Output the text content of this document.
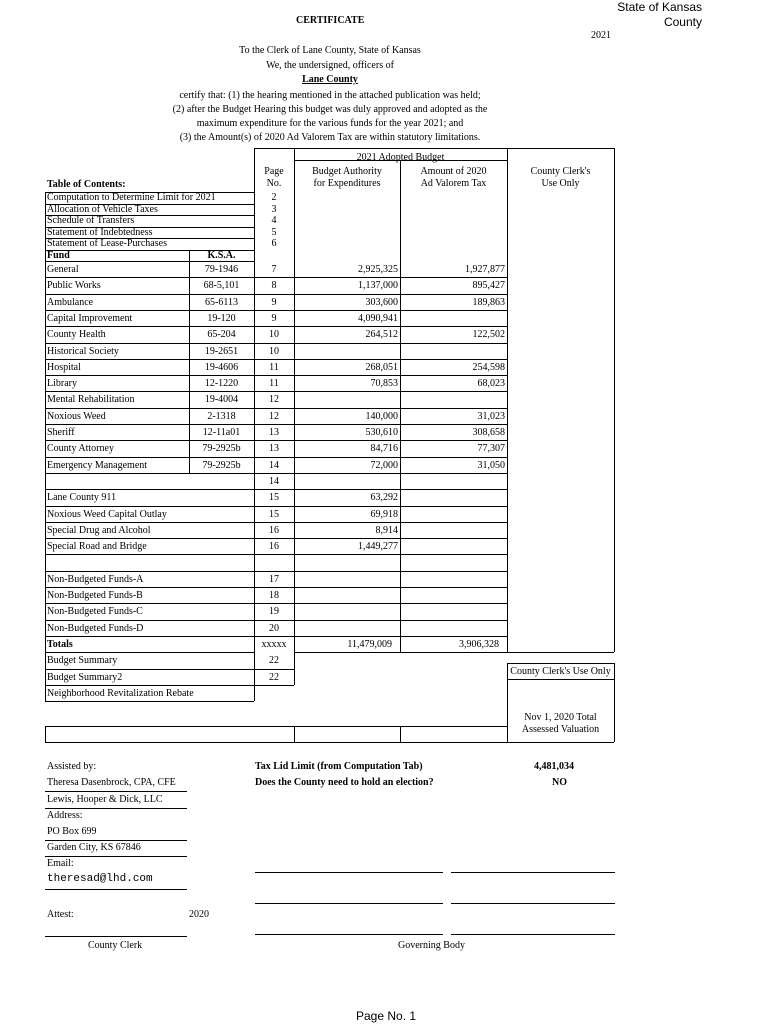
State of Kansas
County
2021
CERTIFICATE
To the Clerk of Lane County, State of Kansas
We, the undersigned, officers of
Lane County
certify that: (1) the hearing mentioned in the attached publication was held;
(2) after the Budget Hearing this budget was duly approved and adopted as the
maximum expenditure for the various funds for the year 2021; and
(3) the Amount(s) of 2020 Ad Valorem Tax are within statutory limitations.
Page
No.
Budget Authority
for Expenditures
2021 Adopted Budget
Amount of 2020
Ad Valorem Tax
County Clerk's
Use Only
Table of Contents:
Computation to Determine Limit for 2021	2
Allocation of Vehicle Taxes	3
Schedule of Transfers	4
Statement of Indebtedness	5
Statement of Lease-Purchases	6
Fund	K.S.A.
General	79-1946	7	2,925,325	1,927,877
Public Works	68-5,101	8	1,137,000	895,427
Ambulance	65-6113	9	303,600	189,863
Capital Improvement	19-120	9	4,090,941
County Health	65-204	10	264,512	122,502
Historical Society	19-2651	10
Hospital	19-4606	11	268,051	254,598
Library	12-1220	11	70,853	68,023
Mental Rehabilitation	19-4004	12
Noxious Weed	2-1318	12	140,000	31,023
Sheriff	12-11a01	13	530,610	308,658
County Attorney	79-2925b	13	84,716	77,307
Emergency Management	79-2925b	14	72,000	31,050
14
Lane County 911	15	63,292
Noxious Weed Capital Outlay	15	69,918
Special Drug and Alcohol	16	8,914
Special Road and Bridge	16	1,449,277
Non-Budgeted Funds-A	17
Non-Budgeted Funds-B	18
Non-Budgeted Funds-C	19
Non-Budgeted Funds-D	20
Totals	xxxxx	11,479,009	3,906,328
Budget Summary	22
Budget Summary2	22
Neighborhood Revitalization Rebate
County Clerk's Use Only
Nov 1, 2020 Total
Assessed Valuation
Assisted by:
Theresa Dasenbrock, CPA, CFE
Lewis, Hooper & Dick, LLC
Address:
PO Box 699
Garden City, KS 67846
Email:
theresad@lhd.com
Tax Lid Limit (from Computation Tab)	4,481,034
Does the County need to hold an election?	NO
Attest:	2020
County Clerk	Governing Body
Page No. 1
